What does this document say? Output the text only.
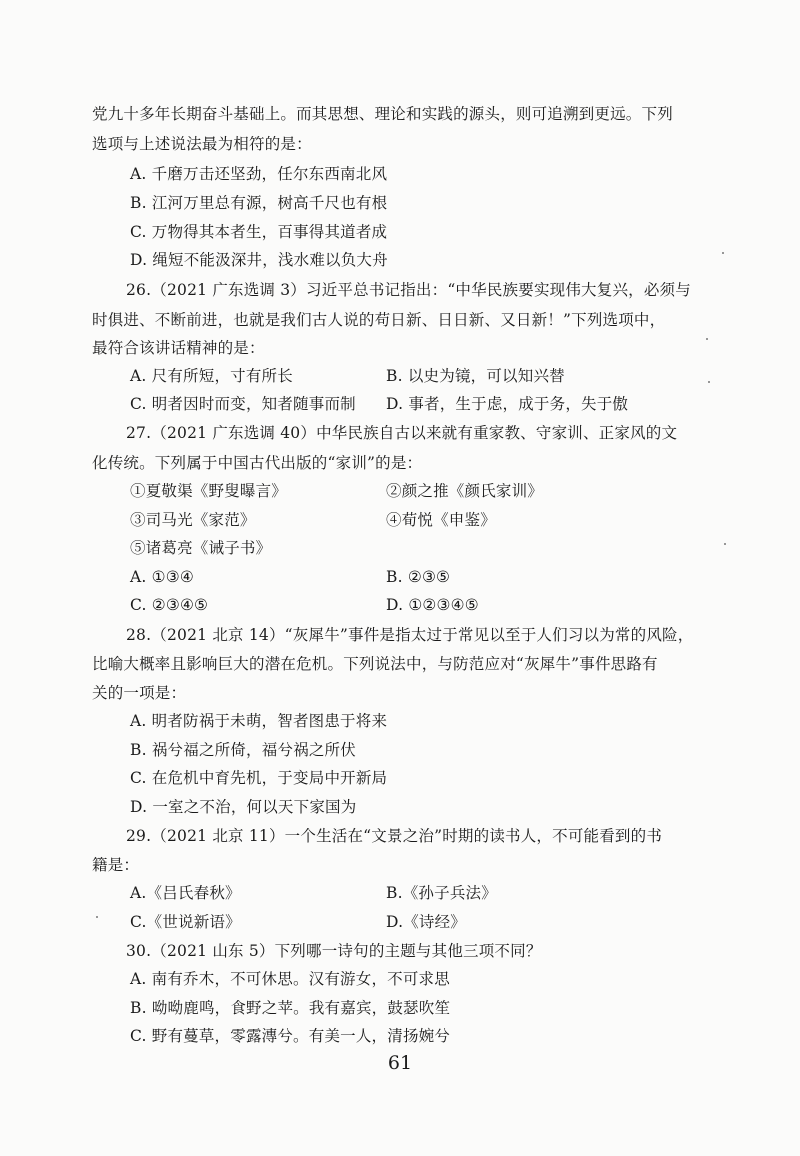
党九十多年长期奋斗基础上。而其思想、理论和实践的源头，则可追溯到更远。下列
选项与上述说法最为相符的是：
A. 千磨万击还坚劲，任尔东西南北风
B. 江河万里总有源，树高千尺也有根
C. 万物得其本者生，百事得其道者成
D. 绳短不能汲深井，浅水难以负大舟
26.（2021 广东选调 3）习近平总书记指出：“中华民族要实现伟大复兴，必须与
时俱进、不断前进，也就是我们古人说的苟日新、日日新、又日新！”下列选项中，
最符合该讲话精神的是：
A. 尺有所短，寸有所长	B. 以史为镜，可以知兴替
C. 明者因时而变，知者随事而制 D. 事者，生于虑，成于务，失于傲
27.（2021 广东选调 40）中华民族自古以来就有重家教、守家训、正家风的文
化传统。下列属于中国古代出版的“家训”的是：
①夏敬渠《野叟曝言》	②颜之推《颜氏家训》
③司马光《家范》	④荀悦《申鉴》
⑤诸葛亮《诫子书》
A. ①③④	B. ②③⑤
C. ②③④⑤	D. ①②③④⑤
28.（2021 北京 14）“灰犀牛”事件是指太过于常见以至于人们习以为常的风险，
比喻大概率且影响巨大的潜在危机。下列说法中，与防范应对“灰犀牛”事件思路有
关的一项是：
A. 明者防祸于未萌，智者图患于将来
B. 祸兮福之所倚，福兮祸之所伏
C. 在危机中育先机，于变局中开新局
D. 一室之不治，何以天下家国为
29.（2021 北京 11）一个生活在“文景之治”时期的读书人，不可能看到的书
籍是：
A.《吕氏春秋》	B.《孙子兵法》
C.《世说新语》	D.《诗经》
30.（2021 山东 5）下列哪一诗句的主题与其他三项不同？
A. 南有乔木，不可休思。汉有游女，不可求思
B. 呦呦鹿鸣，食野之苹。我有嘉宾，鼓瑟吹笙
C. 野有蔓草，零露漙兮。有美一人，清扬婉兮
61
